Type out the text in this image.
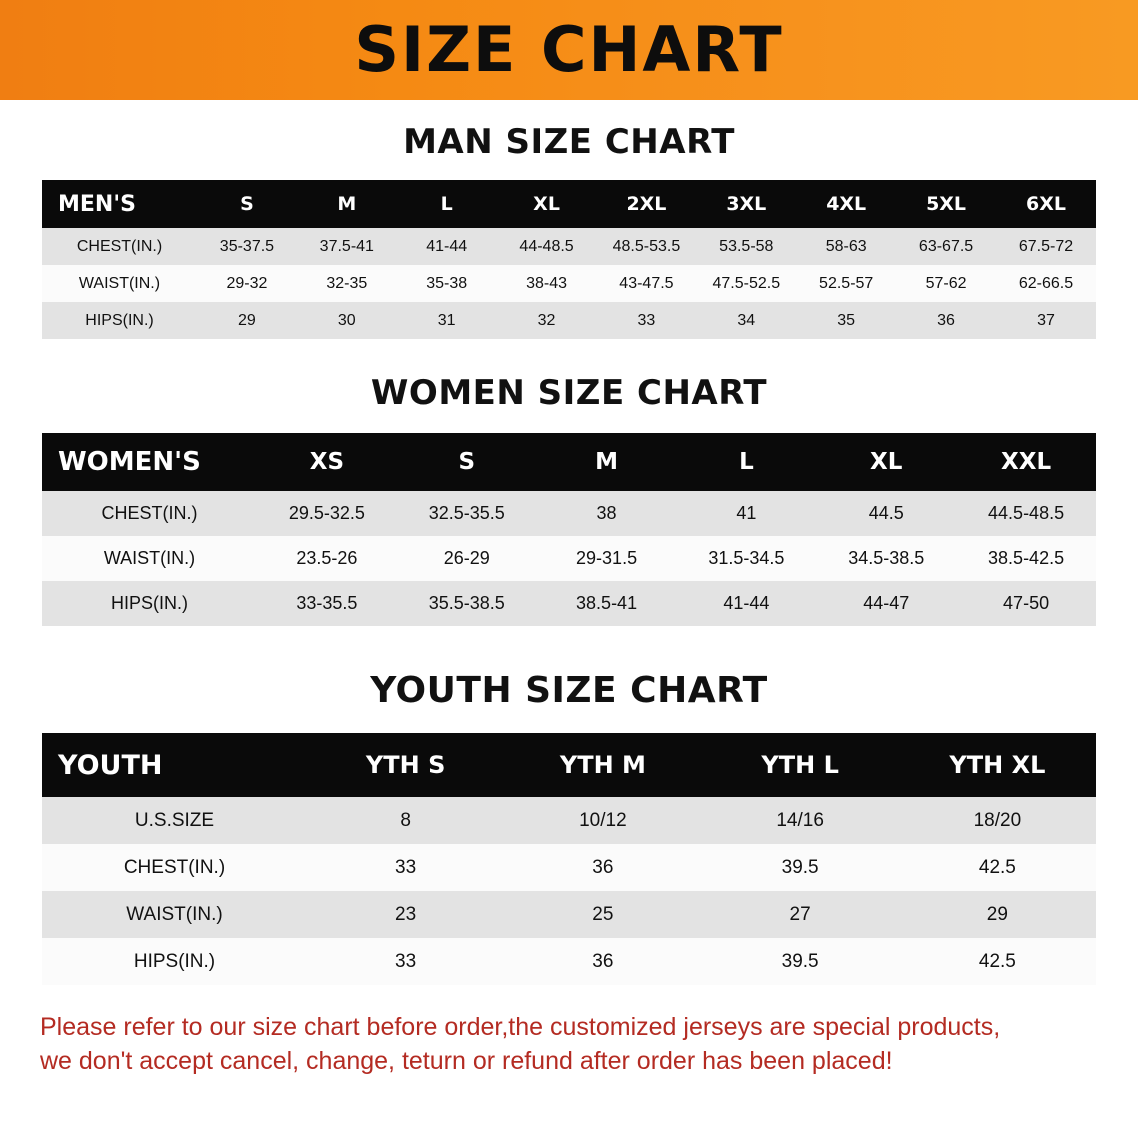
SIZE CHART
MAN SIZE CHART
MEN'S	S	M	L	XL	2XL	3XL	4XL	5XL	6XL
CHEST(IN.)	35-37.5	37.5-41	41-44	44-48.5	48.5-53.5	53.5-58	58-63	63-67.5	67.5-72
WAIST(IN.)	29-32	32-35	35-38	38-43	43-47.5	47.5-52.5	52.5-57	57-62	62-66.5
HIPS(IN.)	29	30	31	32	33	34	35	36	37
WOMEN SIZE CHART
WOMEN'S	XS	S	M	L	XL	XXL
CHEST(IN.)	29.5-32.5	32.5-35.5	38	41	44.5	44.5-48.5
WAIST(IN.)	23.5-26	26-29	29-31.5	31.5-34.5	34.5-38.5	38.5-42.5
HIPS(IN.)	33-35.5	35.5-38.5	38.5-41	41-44	44-47	47-50
YOUTH SIZE CHART
YOUTH	YTH S	YTH M	YTH L	YTH XL
U.S.SIZE	8	10/12	14/16	18/20
CHEST(IN.)	33	36	39.5	42.5
WAIST(IN.)	23	25	27	29
HIPS(IN.)	33	36	39.5	42.5

Please refer to our size chart before order,the customized jerseys are special products,

we don't accept cancel, change, teturn or refund after order has been placed!
